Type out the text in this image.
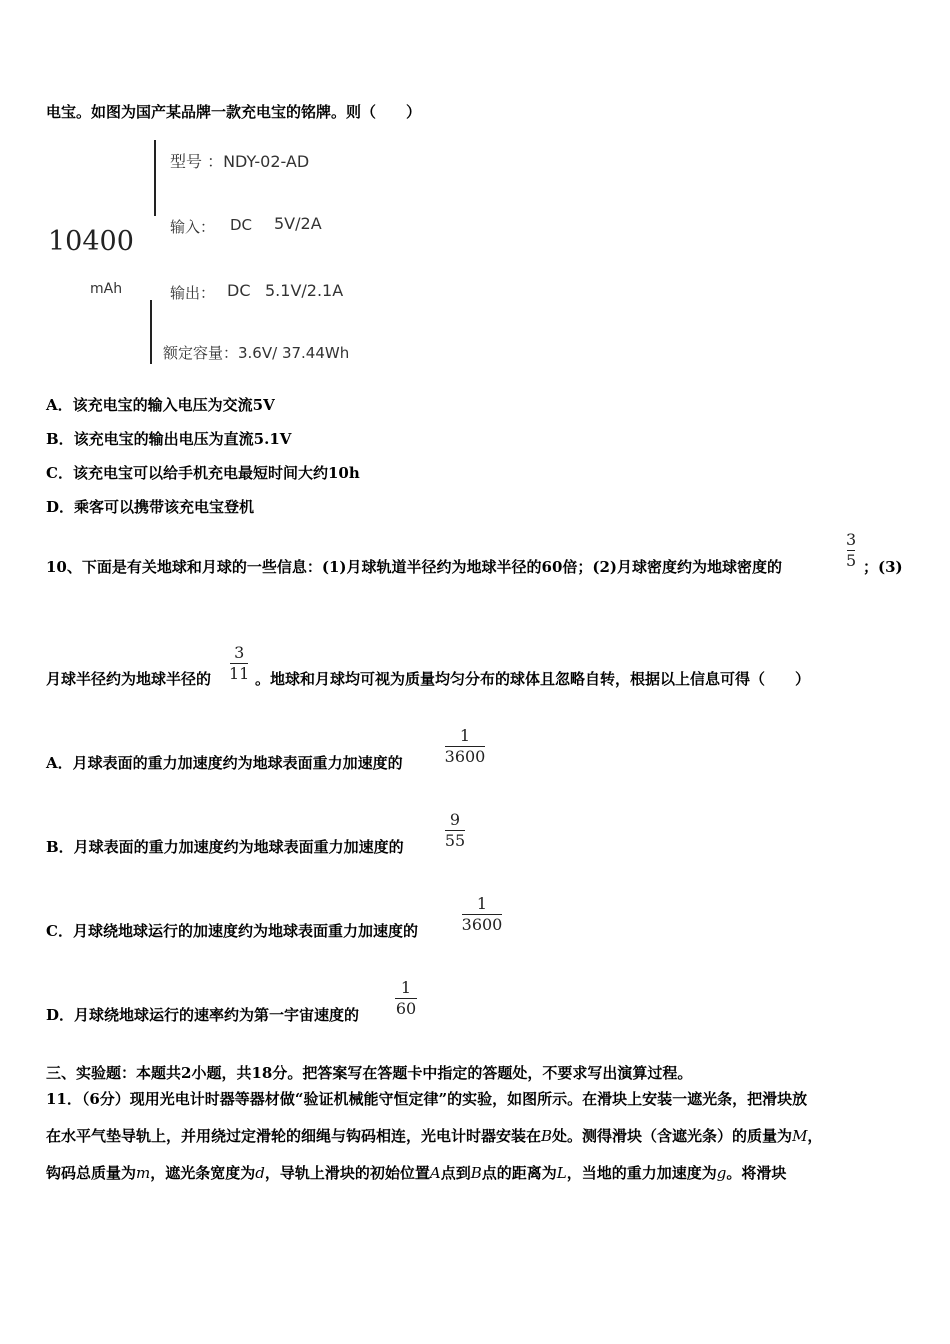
电宝。如图为国产某品牌一款充电宝的铭牌。则（　　）
10400
mAh
型号 ：NDY-02-AD
输入： DC 5V/2A
输出： DC 5.1V/2.1A
额定容量：3.6V/ 37.44Wh
A．该充电宝的输入电压为交流5V
B．该充电宝的输出电压为直流5.1V
C．该充电宝可以给手机充电最短时间大约10h
D．乘客可以携带该充电宝登机
10、下面是有关地球和月球的一些信息：(1)月球轨道半径约为地球半径的60倍；(2)月球密度约为地球密度的
3
5 ；(3)
月球半径约为地球半径的
3
11 。地球和月球均可视为质量均匀分布的球体且忽略自转，根据以上信息可得（　　）
A．月球表面的重力加速度约为地球表面重力加速度的
1
3600
B．月球表面的重力加速度约为地球表面重力加速度的
9
55
C．月球绕地球运行的加速度约为地球表面重力加速度的
1
3600
D．月球绕地球运行的速率约为第一宇宙速度的
1
60
三、实验题：本题共2小题，共18分。把答案写在答题卡中指定的答题处，不要求写出演算过程。
11．（6分）现用光电计时器等器材做“验证机械能守恒定律”的实验，如图所示。在滑块上安装一遮光条，把滑块放
在水平气垫导轨上，并用绕过定滑轮的细绳与钩码相连，光电计时器安装在B处。测得滑块（含遮光条）的质量为M，
钩码总质量为m，遮光条宽度为d，导轨上滑块的初始位置A点到B点的距离为L，当地的重力加速度为g。将滑块
